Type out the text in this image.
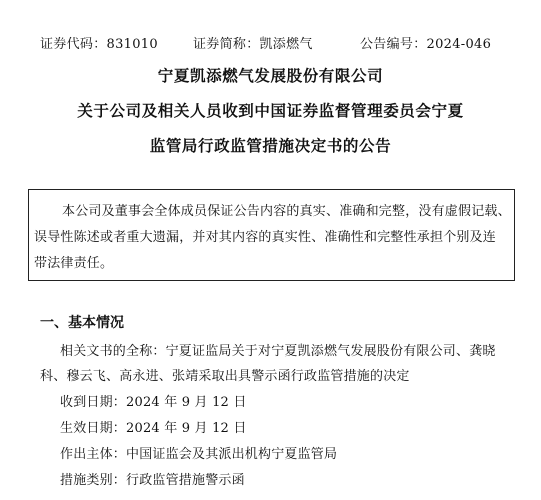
证券代码：831010	证券简称：凯添燃气	公告编号：2024-046
宁夏凯添燃气发展股份有限公司
关于公司及相关人员收到中国证券监督管理委员会宁夏
监管局行政监管措施决定书的公告
本公司及董事会全体成员保证公告内容的真实、准确和完整，没有虚假记载、
误导性陈述或者重大遗漏，并对其内容的真实性、准确性和完整性承担个别及连
带法律责任。
一、基本情况
相关文书的全称：宁夏证监局关于对宁夏凯添燃气发展股份有限公司、龚晓
科、穆云飞、高永进、张靖采取出具警示函行政监管措施的决定
收到日期：2024 年 9 月 12 日
生效日期：2024 年 9 月 12 日
作出主体：中国证监会及其派出机构宁夏监管局
措施类别：行政监管措施警示函
